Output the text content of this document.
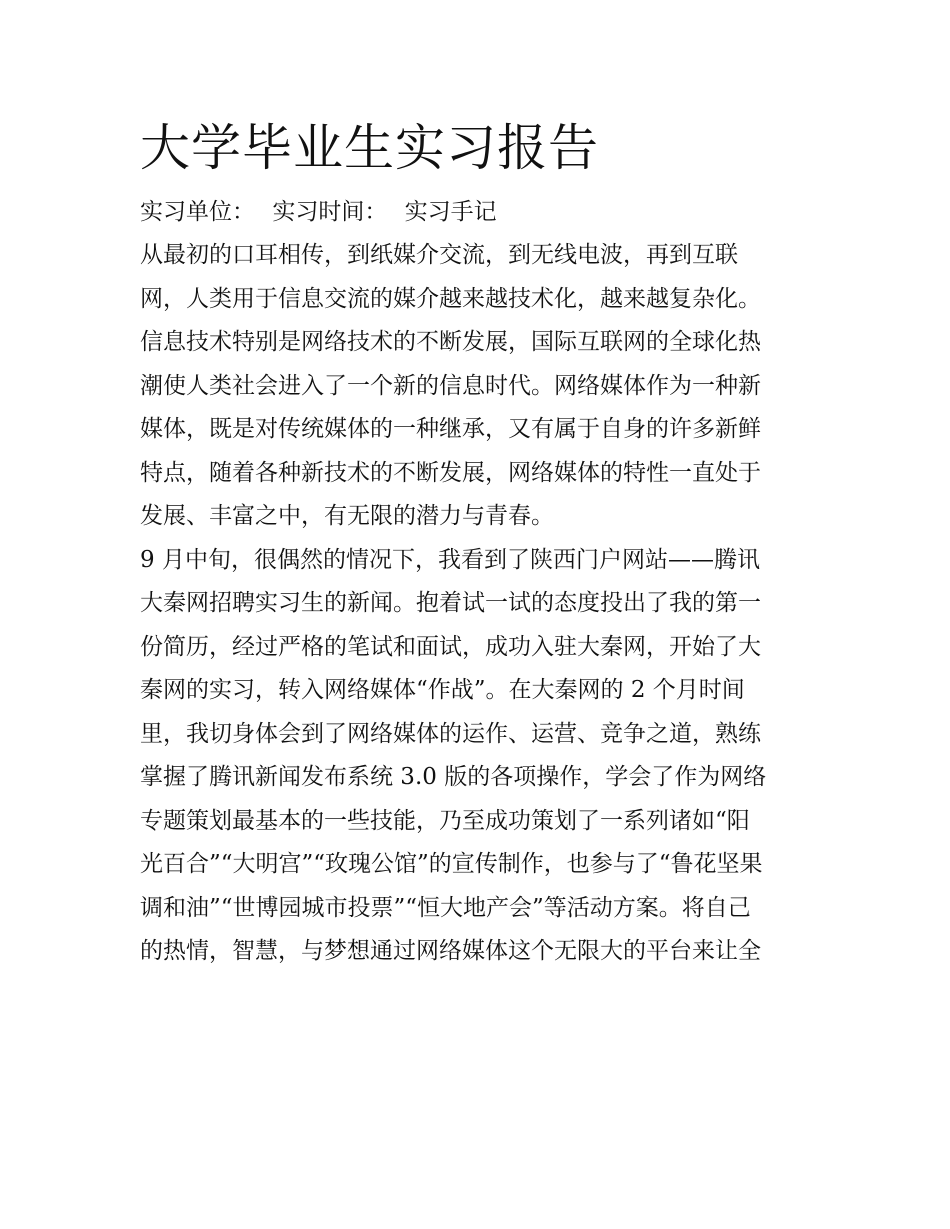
大学毕业生实习报告
实习单位： 实习时间： 实习手记

从最初的口耳相传，到纸媒介交流，到无线电波，再到互联
网，人类用于信息交流的媒介越来越技术化，越来越复杂化。
信息技术特别是网络技术的不断发展，国际互联网的全球化热
潮使人类社会进入了一个新的信息时代。网络媒体作为一种新
媒体，既是对传统媒体的一种继承，又有属于自身的许多新鲜
特点，随着各种新技术的不断发展，网络媒体的特性一直处于
发展、丰富之中，有无限的潜力与青春。

9 月中旬，很偶然的情况下，我看到了陕西门户网站——腾讯
大秦网招聘实习生的新闻。抱着试一试的态度投出了我的第一
份简历，经过严格的笔试和面试，成功入驻大秦网，开始了大
秦网的实习，转入网络媒体“作战”。在大秦网的 2 个月时间
里，我切身体会到了网络媒体的运作、运营、竞争之道，熟练
掌握了腾讯新闻发布系统 3.0 版的各项操作，学会了作为网络
专题策划最基本的一些技能，乃至成功策划了一系列诸如“阳
光百合”“大明宫”“玫瑰公馆”的宣传制作，也参与了“鲁花坚果
调和油”“世博园城市投票”“恒大地产会”等活动方案。将自己
的热情，智慧，与梦想通过网络媒体这个无限大的平台来让全
